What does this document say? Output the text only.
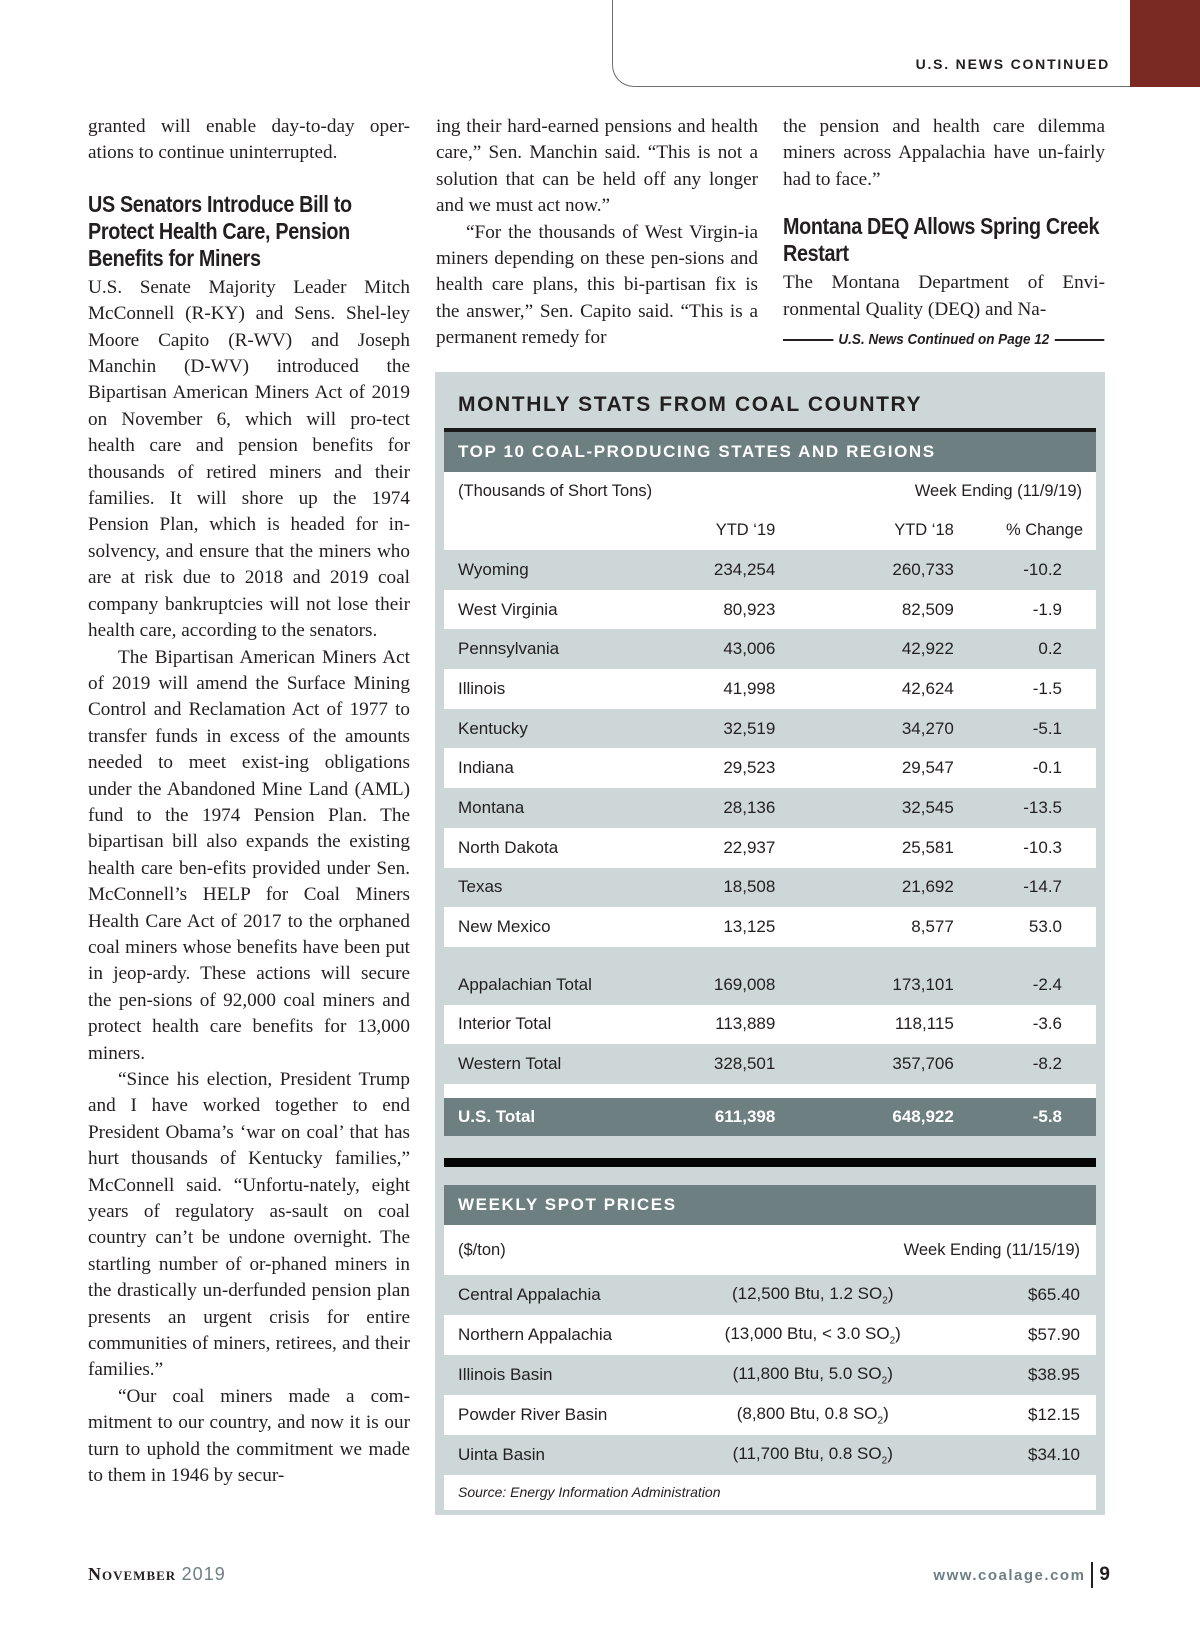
U.S. NEWS CONTINUED

granted will enable day-to-day oper-ations to continue uninterrupted.

US Senators Introduce Bill to Protect Health Care, Pension Benefits for Miners

U.S. Senate Majority Leader Mitch McConnell (R-KY) and Sens. Shel-ley Moore Capito (R-WV) and Joseph Manchin (D-WV) introduced the Bipartisan American Miners Act of 2019 on November 6, which will pro-tect health care and pension benefits for thousands of retired miners and their families. It will shore up the 1974 Pension Plan, which is headed for in-solvency, and ensure that the miners who are at risk due to 2018 and 2019 coal company bankruptcies will not lose their health care, according to the senators.

The Bipartisan American Miners Act of 2019 will amend the Surface Mining Control and Reclamation Act of 1977 to transfer funds in excess of the amounts needed to meet exist-ing obligations under the Abandoned Mine Land (AML) fund to the 1974 Pension Plan. The bipartisan bill also expands the existing health care ben-efits provided under Sen. McConnell’s HELP for Coal Miners Health Care Act of 2017 to the orphaned coal miners whose benefits have been put in jeop-ardy. These actions will secure the pen-sions of 92,000 coal miners and protect health care benefits for 13,000 miners.

“Since his election, President Trump and I have worked together to end President Obama’s ‘war on coal’ that has hurt thousands of Kentucky families,” McConnell said. “Unfortu-nately, eight years of regulatory as-sault on coal country can’t be undone overnight. The startling number of or-phaned miners in the drastically un-derfunded pension plan presents an urgent crisis for entire communities of miners, retirees, and their families.”

“Our coal miners made a com-mitment to our country, and now it is our turn to uphold the commitment we made to them in 1946 by secur-

ing their hard-earned pensions and health care,” Sen. Manchin said. “This is not a solution that can be held off any longer and we must act now.”

“For the thousands of West Virgin-ia miners depending on these pen-sions and health care plans, this bi-partisan fix is the answer,” Sen. Capito said. “This is a permanent remedy for

the pension and health care dilemma miners across Appalachia have un-fairly had to face.”

Montana DEQ Allows Spring Creek Restart

The Montana Department of Envi-ronmental Quality (DEQ) and Na-

U.S. News Continued on Page 12
MONTHLY STATS FROM COAL COUNTRY
TOP 10 COAL-PRODUCING STATES AND REGIONS
(Thousands of Short Tons)	Week Ending (11/9/19)
	YTD ‘19	YTD ‘18	% Change
Wyoming	234,254	260,733	-10.2
West Virginia	80,923	82,509	-1.9
Pennsylvania	43,006	42,922	0.2
Illinois	41,998	42,624	-1.5
Kentucky	32,519	34,270	-5.1
Indiana	29,523	29,547	-0.1
Montana	28,136	32,545	-13.5
North Dakota	22,937	25,581	-10.3
Texas	18,508	21,692	-14.7
New Mexico	13,125	8,577	53.0

Appalachian Total	169,008	173,101	-2.4
Interior Total	113,889	118,115	-3.6
Western Total	328,501	357,706	-8.2

U.S. Total	611,398	648,922	-5.8
WEEKLY SPOT PRICES
($/ton)	Week Ending (11/15/19)
Central Appalachia	(12,500 Btu, 1.2 $SO_2$)	$65.40
Northern Appalachia	(13,000 Btu, < 3.0 $SO_2$)	$57.90
Illinois Basin	(11,800 Btu, 5.0 $SO_2$)	$38.95
Powder River Basin	(8,800 Btu, 0.8 $SO_2$)	$12.15
Uinta Basin	(11,700 Btu, 0.8 $SO_2$)	$34.10
Source: Energy Information Administration
November 2019	www.coalage.com 9
